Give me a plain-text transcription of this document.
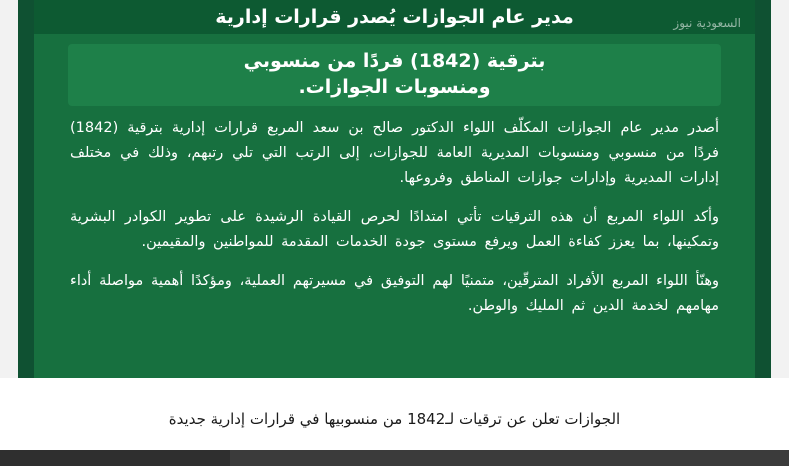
مدير عام الجوازات يُصدر قرارات إدارية	السعودية نيوز
بترقية (1842) فردًا من منسوبي
ومنسوبات الجوازات.

أصدر مدير عام الجوازات المكلّف اللواء الدكتور صالح بن سعد المربع قرارات إدارية بترقية (1842) فردًا من منسوبي ومنسوبات المديرية العامة للجوازات، إلى الرتب التي تلي رتبهم، وذلك في مختلف إدارات المديرية وإدارات جوازات المناطق وفروعها.

وأكد اللواء المربع أن هذه الترقيات تأتي امتدادًا لحرص القيادة الرشيدة على تطوير الكوادر البشرية وتمكينها، بما يعزز كفاءة العمل ويرفع مستوى جودة الخدمات المقدمة للمواطنين والمقيمين.

وهنّأ اللواء المربع الأفراد المترقّين، متمنيًا لهم التوفيق في مسيرتهم العملية، ومؤكدًا أهمية مواصلة أداء مهامهم لخدمة الدين ثم المليك والوطن.

الجوازات تعلن عن ترقيات لـ1842 من منسوبيها في قرارات إدارية جديدة
